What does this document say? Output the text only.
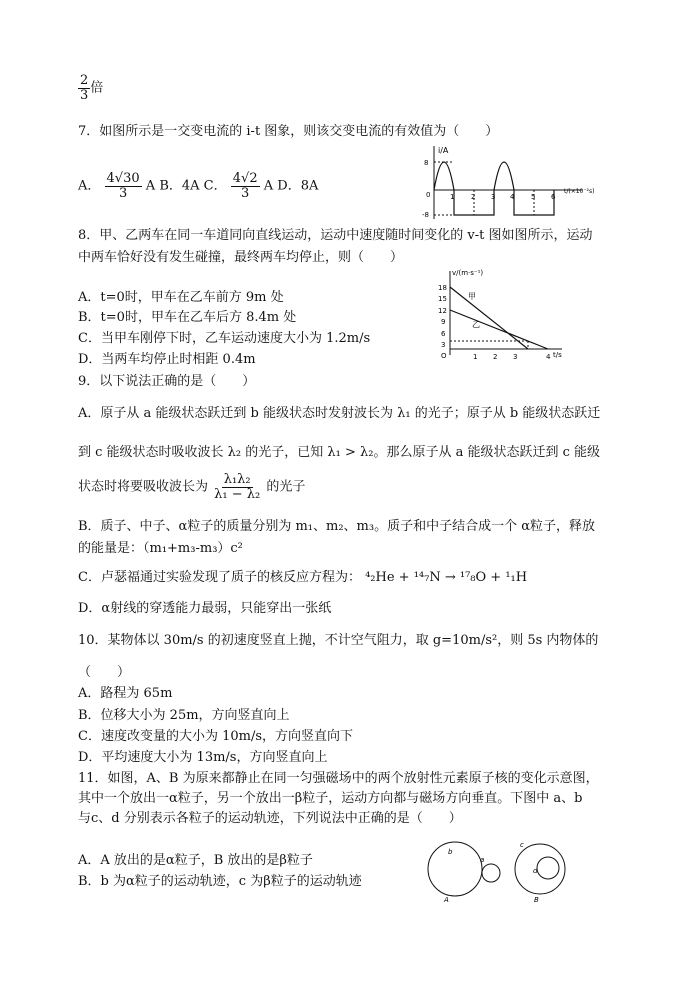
$\frac{2}{3}$ 倍
7．如图所示是一交变电流的 i-t 图象，则该交变电流的有效值为（　　）
A． $\frac{4√30}{3}$ A B．4A C． $\frac{4√2}{3}$ A D．8A
i/A
8
-8
0	1 2 3 4 5 6
t/(×10⁻²s)
8．甲、乙两车在同一车道同向直线运动，运动中速度随时间变化的 v-t 图如图所示，运动
中两车恰好没有发生碰撞，最终两车均停止，则（　　）
A．t=0时，甲车在乙车前方 9m 处
B．t=0时，甲车在乙车后方 8.4m 处
C．当甲车刚停下时，乙车运动速度大小为 1.2m/s
D．当两车均停止时相距 0.4m
v/(m·s⁻¹)
18
15
12
9
6
3
O
甲
乙
1 2 3	4 t/s
9．以下说法正确的是（　　）
A．原子从 a 能级状态跃迁到 b 能级状态时发射波长为 λ₁ 的光子；原子从 b 能级状态跃迁
到 c 能级状态时吸收波长 λ₂ 的光子，已知 λ₁ > λ₂。那么原子从 a 能级状态跃迁到 c 能级
状态时将要吸收波长为 $\frac{\text{λ₁λ₂}}{\text{λ₁ − λ₂}}$ 的光子
B．质子、中子、α粒子的质量分别为 m₁、m₂、m₃。质子和中子结合成一个 α粒子，释放
的能量是：（m₁+m₃-m₃）c²
C．卢瑟福通过实验发现了质子的核反应方程为： ⁴₂He + ¹⁴₇N → ¹⁷₈O + ¹₁H
D．α射线的穿透能力最弱，只能穿出一张纸
10．某物体以 30m/s 的初速度竖直上抛，不计空气阻力，取 g=10m/s²，则 5s 内物体的
（　　）
A．路程为 65m
B．位移大小为 25m，方向竖直向上
C．速度改变量的大小为 10m/s，方向竖直向下
D．平均速度大小为 13m/s，方向竖直向上
11．如图，A、B 为原来都静止在同一匀强磁场中的两个放射性元素原子核的变化示意图，
其中一个放出一α粒子，另一个放出一β粒子，运动方向都与磁场方向垂直。下图中 a、b
与c、d 分别表示各粒子的运动轨迹，下列说法中正确的是（　　）
A．A 放出的是α粒子，B 放出的是β粒子
B．b 为α粒子的运动轨迹，c 为β粒子的运动轨迹
b
a
A
c
d
B
